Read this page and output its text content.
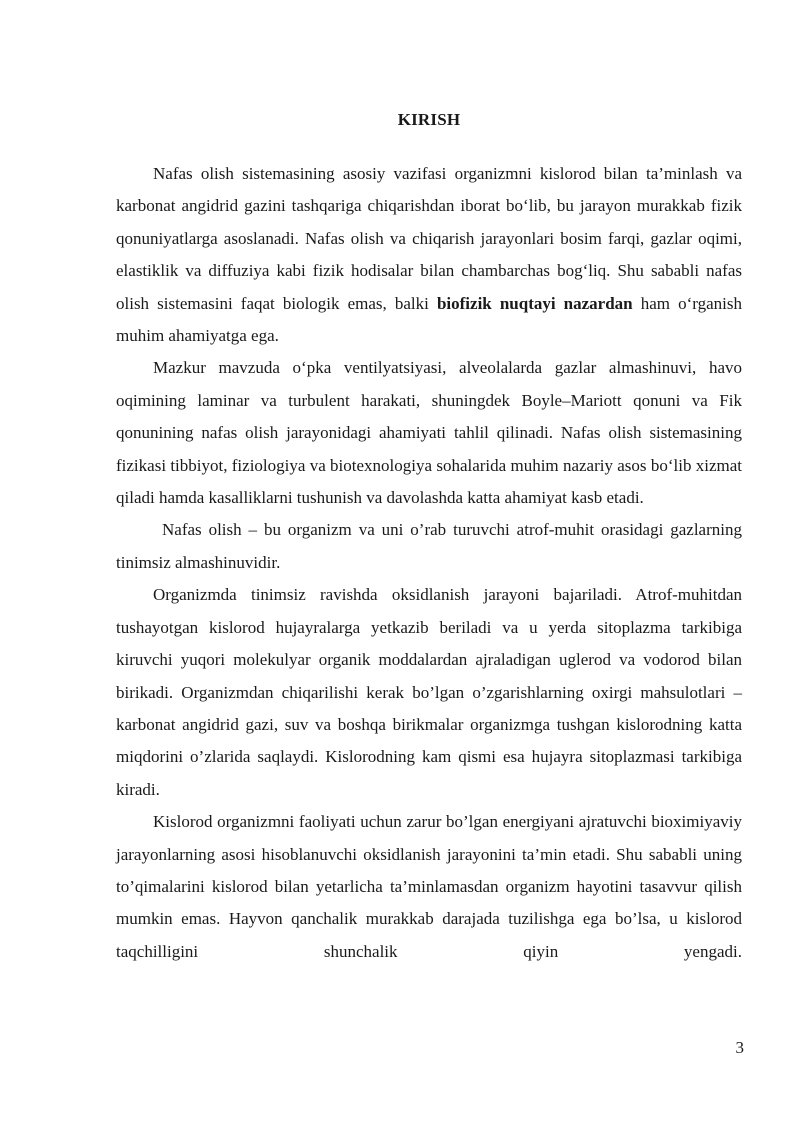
KIRISH

Nafas olish sistemasining asosiy vazifasi organizmni kislorod bilan ta’minlash va karbonat angidrid gazini tashqariga chiqarishdan iborat bo‘lib, bu jarayon murakkab fizik qonuniyatlarga asoslanadi. Nafas olish va chiqarish jarayonlari bosim farqi, gazlar oqimi, elastiklik va diffuziya kabi fizik hodisalar bilan chambarchas bog‘liq. Shu sababli nafas olish sistemasini faqat biologik emas, balki biofizik nuqtayi nazardan ham o‘rganish muhim ahamiyatga ega.

Mazkur mavzuda o‘pka ventilyatsiyasi, alveolalarda gazlar almashinuvi, havo oqimining laminar va turbulent harakati, shuningdek Boyle–Mariott qonuni va Fik qonunining nafas olish jarayonidagi ahamiyati tahlil qilinadi. Nafas olish sistemasining fizikasi tibbiyot, fiziologiya va biotexnologiya sohalarida muhim nazariy asos bo‘lib xizmat qiladi hamda kasalliklarni tushunish va davolashda katta ahamiyat kasb etadi.

Nafas olish – bu organizm va uni o’rab turuvchi atrof-muhit orasidagi gazlarning tinimsiz almashinuvidir.

Organizmda tinimsiz ravishda oksidlanish jarayoni bajariladi. Atrof-muhitdan tushayotgan kislorod hujayralarga yetkazib beriladi va u yerda sitoplazma tarkibiga kiruvchi yuqori molekulyar organik moddalardan ajraladigan uglerod va vodorod bilan birikadi. Organizmdan chiqarilishi kerak bo’lgan o’zgarishlarning oxirgi mahsulotlari – karbonat angidrid gazi, suv va boshqa birikmalar organizmga tushgan kislorodning katta miqdorini o’zlarida saqlaydi. Kislorodning kam qismi esa hujayra sitoplazmasi tarkibiga kiradi.

Kislorod organizmni faoliyati uchun zarur bo’lgan energiyani ajratuvchi bioximiyaviy jarayonlarning asosi hisoblanuvchi oksidlanish jarayonini ta’min etadi. Shu sababli uning to’qimalarini kislorod bilan yetarlicha ta’minlamasdan organizm hayotini tasavvur qilish mumkin emas. Hayvon qanchalik murakkab darajada tuzilishga ega bo’lsa, u kislorod taqchilligini shunchalik qiyin yengadi.

3
